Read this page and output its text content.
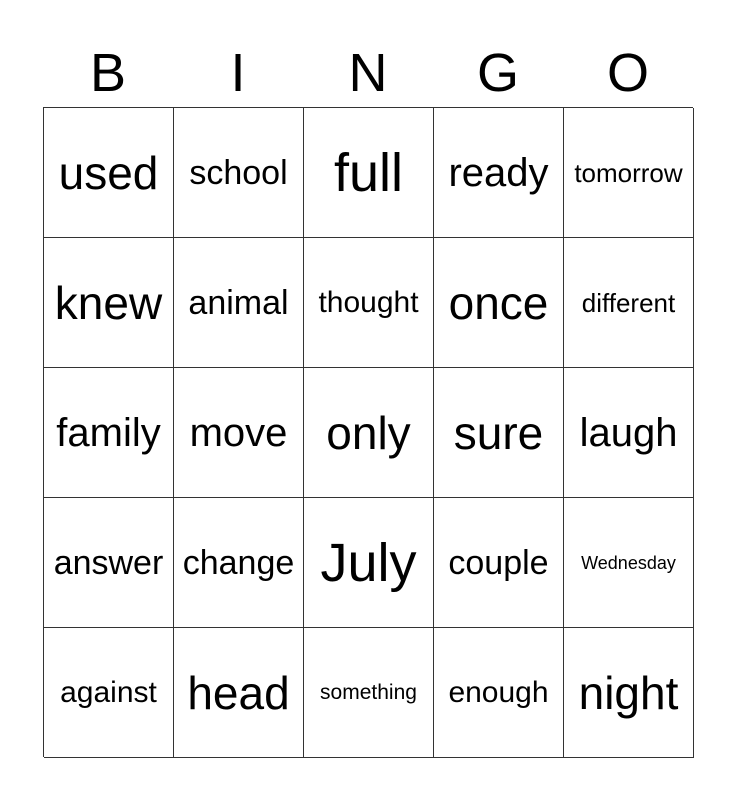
B	I	N	G	O
used school full	ready tomorrow
knew animal thought once	different
family move only sure laugh
answer change July couple	Wednesday
against head	something	enough night
